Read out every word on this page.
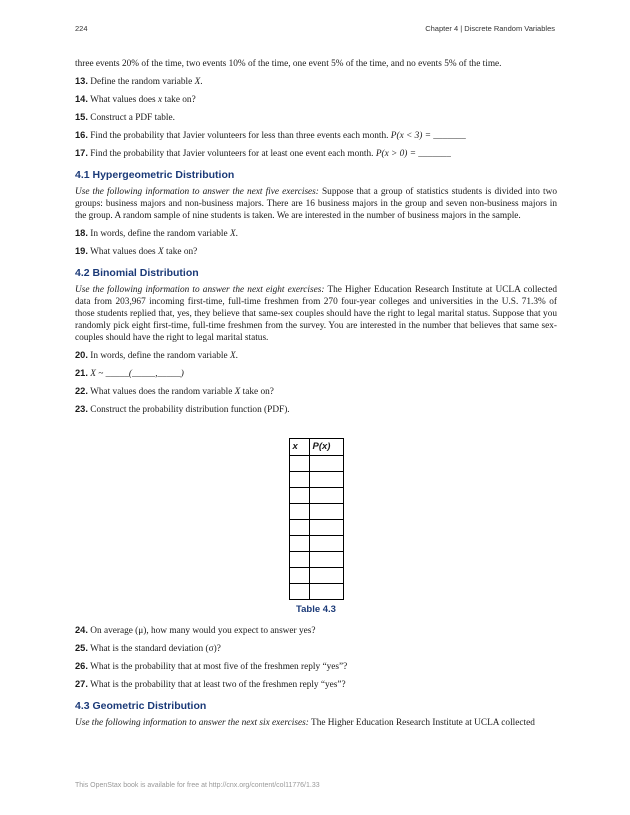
224	Chapter 4 | Discrete Random Variables

three events 20% of the time, two events 10% of the time, one event 5% of the time, and no events 5% of the time.

13. Define the random variable X.

14. What values does x take on?

15. Construct a PDF table.

16. Find the probability that Javier volunteers for less than three events each month. P(x < 3) = _______

17. Find the probability that Javier volunteers for at least one event each month. P(x > 0) = _______

4.1 Hypergeometric Distribution

Use the following information to answer the next five exercises: Suppose that a group of statistics students is divided into two groups: business majors and non-business majors. There are 16 business majors in the group and seven non-business majors in the group. A random sample of nine students is taken. We are interested in the number of business majors in the sample.

18. In words, define the random variable X.

19. What values does X take on?

4.2 Binomial Distribution

Use the following information to answer the next eight exercises: The Higher Education Research Institute at UCLA collected data from 203,967 incoming first-time, full-time freshmen from 270 four-year colleges and universities in the U.S. 71.3% of those students replied that, yes, they believe that same-sex couples should have the right to legal marital status. Suppose that you randomly pick eight first-time, full-time freshmen from the survey. You are interested in the number that believes that same sex-couples should have the right to legal marital status.

20. In words, define the random variable X.

21. X ~ _____(_____,_____)

22. What values does the random variable X take on?

23. Construct the probability distribution function (PDF).

x	P(x)

Table 4.3

24. On average (μ), how many would you expect to answer yes?

25. What is the standard deviation (σ)?

26. What is the probability that at most five of the freshmen reply “yes”?

27. What is the probability that at least two of the freshmen reply “yes”?

4.3 Geometric Distribution

Use the following information to answer the next six exercises: The Higher Education Research Institute at UCLA collected

This OpenStax book is available for free at http://cnx.org/content/col11776/1.33
